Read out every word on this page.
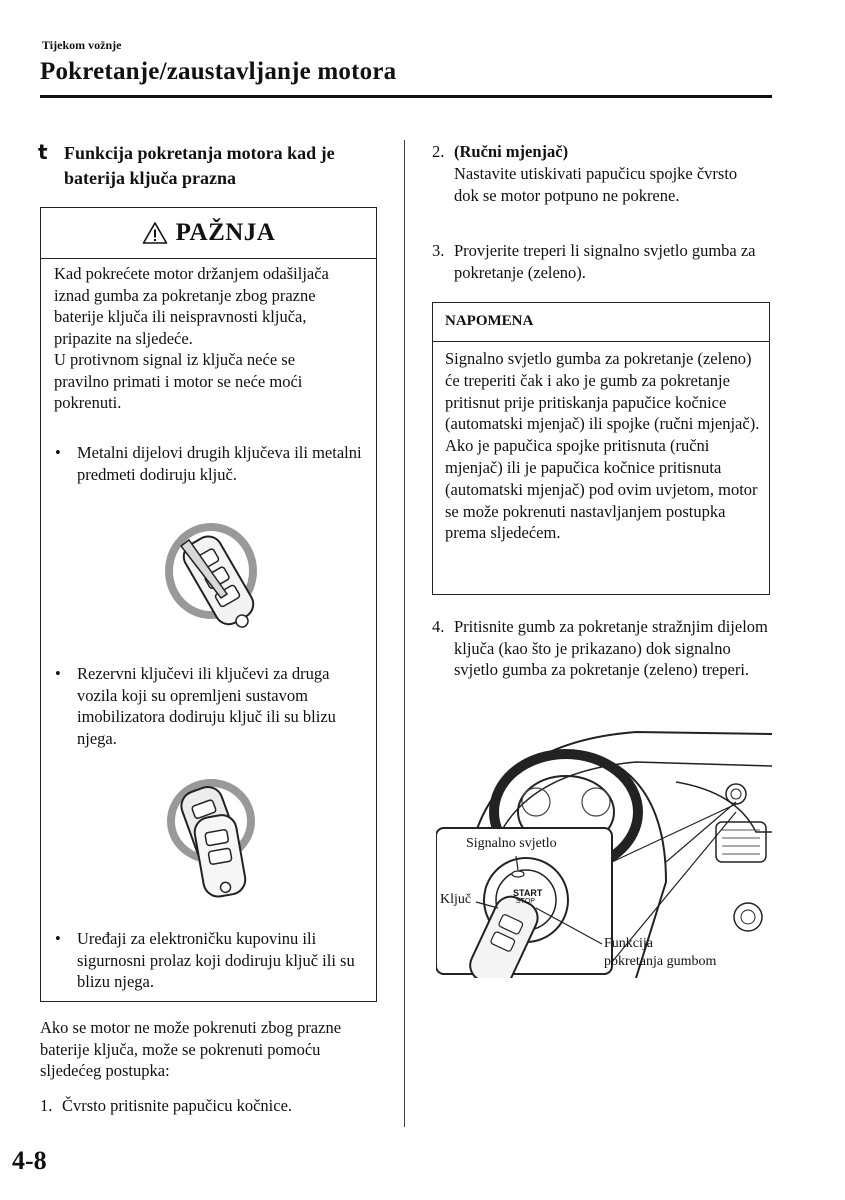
Tijekom vožnje
Pokretanje/zaustavljanje motora
t Funkcija pokretanja motora kad je baterija ključa prazna
PAŽNJA

Kad pokrećete motor držanjem odašiljača iznad gumba za pokretanje zbog prazne baterije ključa ili neispravnosti ključa, pripazite na sljedeće.

U protivnom signal iz ključa neće se pravilno primati i motor se neće moći pokrenuti.

• Metalni dijelovi drugih ključeva ili metalni predmeti dodiruju ključ.
• Rezervni ključevi ili ključevi za druga vozila koji su opremljeni sustavom imobilizatora dodiruju ključ ili su blizu njega.
• Uređaji za elektroničku kupovinu ili sigurnosni prolaz koji dodiruju ključ ili su blizu njega.
Ako se motor ne može pokrenuti zbog prazne baterije ključa, može se pokrenuti pomoću sljedećeg postupka:
1. Čvrsto pritisnite papučicu kočnice.
2. (Ručni mjenjač)
Nastavite utiskivati papučicu spojke čvrsto dok se motor potpuno ne pokrene.
3. Provjerite treperi li signalno svjetlo gumba za pokretanje (zeleno).
NAPOMENA
Signalno svjetlo gumba za pokretanje (zeleno) će treperiti čak i ako je gumb za pokretanje pritisnut prije pritiskanja papučice kočnice (automatski mjenjač) ili spojke (ručni mjenjač). Ako je papučica spojke pritisnuta (ručni mjenjač) ili je papučica kočnice pritisnuta (automatski mjenjač) pod ovim uvjetom, motor se može pokrenuti nastavljanjem postupka prema sljedećem.
4. Pritisnite gumb za pokretanje stražnjim dijelom ključa (kao što je prikazano) dok signalno svjetlo gumba za pokretanje (zeleno) treperi.
Signalno svjetlo
Ključ	START
STOP
Funkcija
pokretanja gumbom
4-8
